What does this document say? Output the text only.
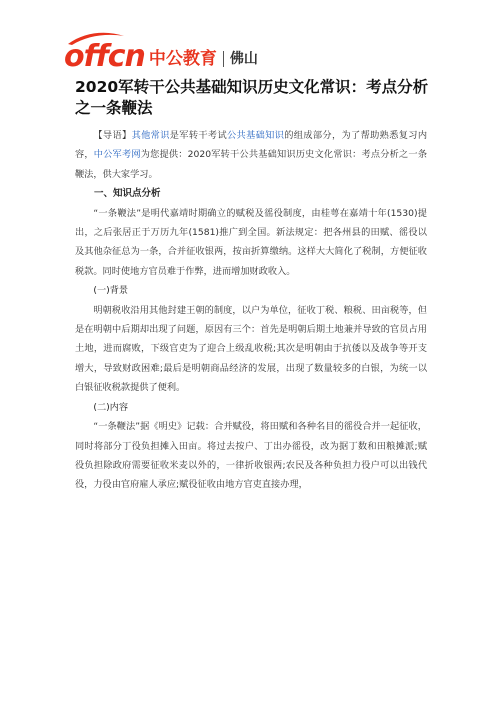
offcn 中公教育 佛山
2020军转干公共基础知识历史文化常识：考点分析之一条鞭法

【导语】其他常识是军转干考试公共基础知识的组成部分，为了帮助熟悉复习内容，中公军考网为您提供：2020军转干公共基础知识历史文化常识：考点分析之一条鞭法，供大家学习。

一、知识点分析

“一条鞭法”是明代嘉靖时期确立的赋税及徭役制度，由桂萼在嘉靖十年(1530)提出，之后张居正于万历九年(1581)推广到全国。新法规定：把各州县的田赋、徭役以及其他杂征总为一条，合并征收银两，按亩折算缴纳。这样大大简化了税制，方便征收税款。同时使地方官员难于作弊，进而增加财政收入。

(一)背景

明朝税收沿用其他封建王朝的制度，以户为单位，征收丁税、粮税、田亩税等，但是在明朝中后期却出现了问题，原因有三个：首先是明朝后期土地兼并导致的官员占用土地，进而腐败，下级官吏为了迎合上级乱收税;其次是明朝由于抗倭以及战争等开支增大，导致财政困难;最后是明朝商品经济的发展，出现了数量较多的白银，为统一以白银征收税款提供了便利。

(二)内容

“一条鞭法”据《明史》记载：合并赋役，将田赋和各种名目的徭役合并一起征收，同时将部分丁役负担摊入田亩。将过去按户、丁出办徭役，改为据丁数和田粮摊派;赋役负担除政府需要征收米麦以外的，一律折收银两;农民及各种负担力役户可以出钱代役，力役由官府雇人承应;赋役征收由地方官吏直接办理，
